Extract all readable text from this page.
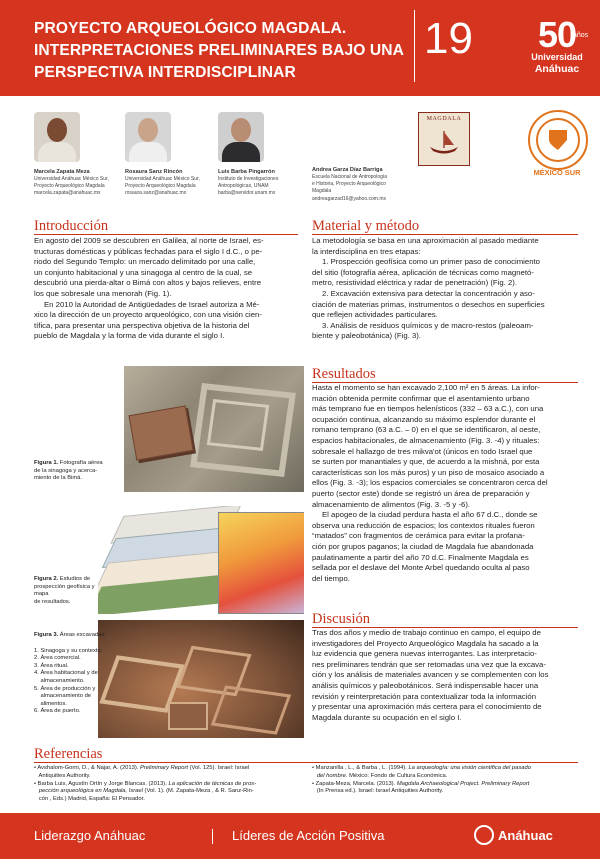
PROYECTO ARQUEOLÓGICO MAGDALA.
INTERPRETACIONES PRELIMINARES BAJO UNA
PERSPECTIVA INTERDISCIPLINAR
19	50
años
Universidad
Anáhuac
Marcela Zapata Meza
Universidad Anáhuac México Sur,
Proyecto Arqueológico Magdala
marcela.zapata@anahuac.mx
Rosaura Sanz Rincón
Universidad Anáhuac México Sur,
Proyecto Arqueológico Magdala
rosaura.sanz@anahuac.mx
Luis Barba Pingarrón
Instituto de Investigaciones
Antropológicas, UNAM
barba@servidor.unam.mx
Andrea Garza Díaz Barriga
Escuela Nacional de Antropología
e Historia, Proyecto Arqueológico
Magdala
andreagarzad16@yahoo.com.mx
MAGDALA
MÉXICO SUR
Introducción
En agosto del 2009 se descubren en Galilea, al norte de Israel, es-
tructuras domésticas y públicas fechadas para el siglo I d.C., o pe-
riodo del Segundo Templo: un mercado delimitado por una calle,
un conjunto habitacional y una sinagoga al centro de la cual, se
descubrió una pierda-altar o Bimá con altos y bajos relieves, entre
los que sobresale una menorah (Fig. 1).
En 2010 la Autoridad de Antigüedades de Israel autoriza a Mé-
xico la dirección de un proyecto arqueológico, con una visión cien-
tífica, para presentar una perspectiva objetiva de la historia del
pueblo de Magdala y la forma de vida durante el siglo I.
Material y método
La metodología se basa en una aproximación al pasado mediante
la interdisciplina en tres etapas:
1. Prospección geofísica como un primer paso de conocimiento
del sitio (fotografía aérea, aplicación de técnicas como magnetó-
metro, resistividad eléctrica y radar de penetración) (Fig. 2).
2. Excavación extensiva para detectar la concentración y aso-
ciación de materias primas, instrumentos o desechos en superficies
que reflejen actividades particulares.
3. Análisis de residuos químicos y de macro-restos (paleoam-
biente y paleobotánica) (Fig. 3).
Figura 1. Fotografía aérea
de la sinagoga y acerca-
miento de la Bimá.
Figura 2. Estudios de
prospección geofísica y mapa
de resultados.
Figura 3. Áreas excavadas:
1. Sinagoga y su contexto.
2. Área comercial.
3. Área ritual.
4. Área habitacional y de
almacenamiento.
5. Área de producción y
almacenamiento de
alimentos.
6. Área de puerto.
Resultados
Hasta el momento se han excavado 2,100 m² en 5 áreas. La infor-
mación obtenida permite confirmar que el asentamiento urbano
más temprano fue en tiempos helenísticos (332 – 63 a.C.), con una
ocupación continua, alcanzando su máximo esplendor durante el
romano temprano (63 a.C. – 0) en el que se identificaron, al oeste,
espacios habitacionales, de almacenamiento (Fig. 3. -4) y rituales:
sobresale el hallazgo de tres mikva'ot (únicos en todo Israel que
se surten por manantiales y que, de acuerdo a la mishná, por esta
características son los más puros) y un piso de mosaico asociado a
ellos (Fig. 3. -3); los espacios comerciales se concentraron cerca del
puerto (sector este) donde se registró un área de preparación y
almacenamiento de alimentos (Fig. 3. -5 y -6).
El apogeo de la ciudad perdura hasta el año 67 d.C., donde se
observa una reducción de espacios; los contextos rituales fueron
“matados” con fragmentos de cerámica para evitar la profana-
ción por grupos paganos; la ciudad de Magdala fue abandonada
paulatinamente a partir del año 70 d.C. Finalmente Magdala es
sellada por el deslave del Monte Arbel quedando oculta al paso
del tiempo.
Discusión
Tras dos años y medio de trabajo continuo en campo, el equipo de
investigadores del Proyecto Arqueológico Magdala ha sacado a la
luz evidencia que genera nuevas interrogantes. Las interpretacio-
nes preliminares tendrán que ser retomadas una vez que la excava-
ción y los análisis de materiales avancen y se complementen con los
análisis químicos y paleobotánicos. Será indispensable hacer una
revisión y reinterpretación para contextualizar toda la información
y presentar una aproximación más certera para el conocimiento de
Magdala durante su ocupación en el siglo I.
Referencias
• Avshalom-Gorni, D., & Najar, A. (2013). Preliminary Report (Vol. 125). Israel: Israel
Antiquities Authority.
• Barba Luis, Agustín Ortín y Jorge Blancas. (2013). La aplicación de técnicas de pros-
pección arqueológica en Magdala, Israel (Vol. 1). (M. Zapata-Meza , & R. Sanz-Rin-
cón , Eds.) Madrid, España: El Pensador.
• Manzanilla , L., & Barba , L. (1994). La arqueología: una visión científica del pasado
del hombre. México: Fondo de Cultura Económica.
• Zapata-Meza, Marcela. (2013). Magdala Archaeological Project. Preliminary Report
(In Prensa ed.). Israel: Israel Antiquities Authority.
Liderazgo Anáhuac	Líderes de Acción Positiva	Anáhuac
